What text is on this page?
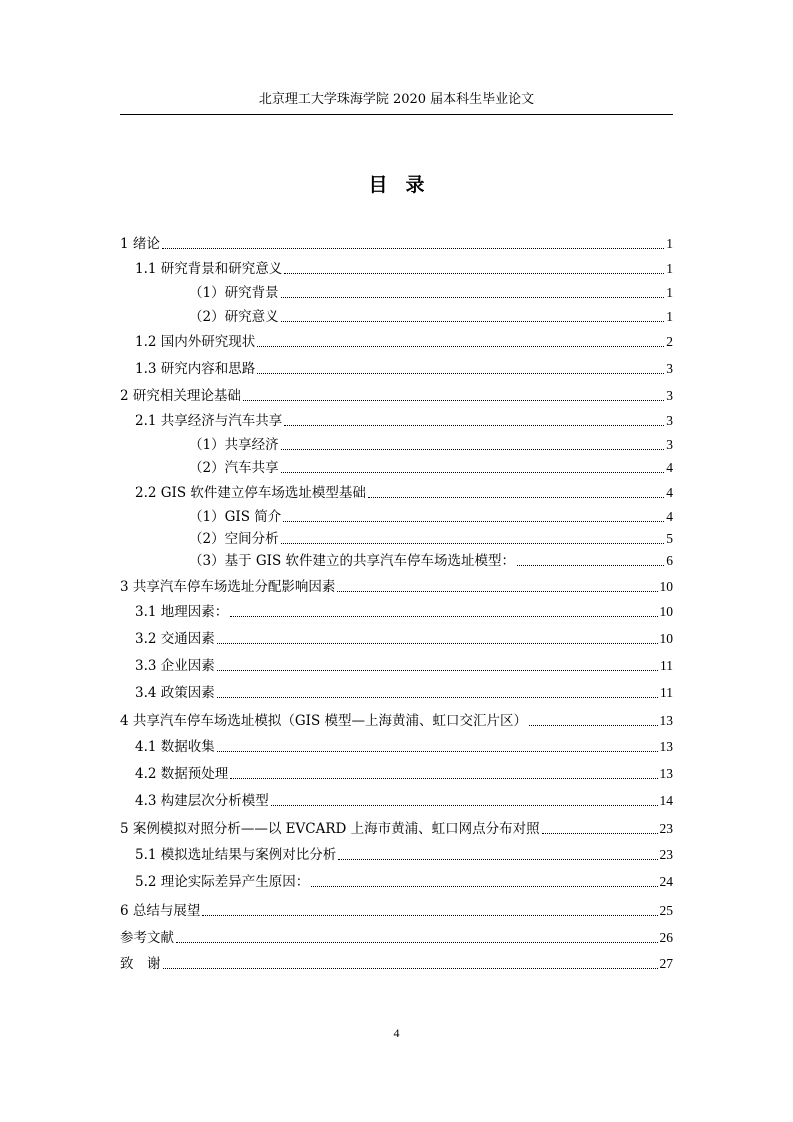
北京理工大学珠海学院 2020 届本科生毕业论文
目录
1 绪论	1
1.1 研究背景和研究意义	1
（1）研究背景	1
（2）研究意义	1
1.2 国内外研究现状	2
1.3 研究内容和思路	3
2 研究相关理论基础	3
2.1 共享经济与汽车共享	3
（1）共享经济	3
（2）汽车共享	4
2.2 GIS 软件建立停车场选址模型基础	4
（1）GIS 简介	4
（2）空间分析	5
（3）基于 GIS 软件建立的共享汽车停车场选址模型：	6
3 共享汽车停车场选址分配影响因素	10
3.1 地理因素：	10
3.2 交通因素	10
3.3 企业因素	11
3.4 政策因素	11
4 共享汽车停车场选址模拟（GIS 模型—上海黄浦、虹口交汇片区）	13
4.1 数据收集	13
4.2 数据预处理	13
4.3 构建层次分析模型	14
5 案例模拟对照分析——以 EVCARD 上海市黄浦、虹口网点分布对照	23
5.1 模拟选址结果与案例对比分析	23
5.2 理论实际差异产生原因：	24
6 总结与展望	25
参考文献	26
致　谢	27
4
